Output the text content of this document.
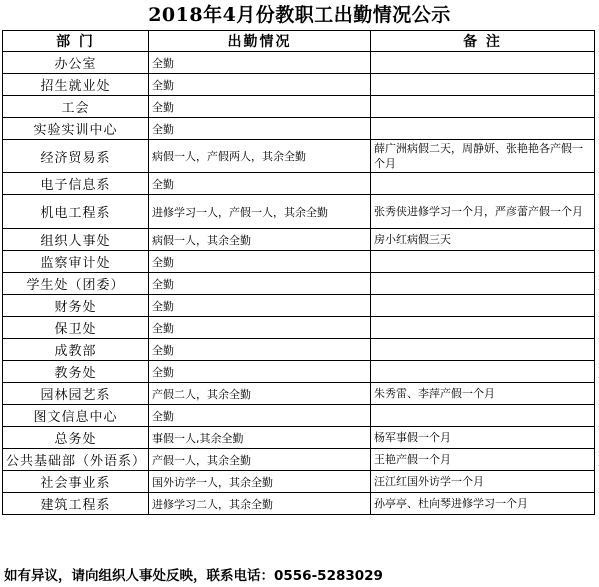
2018年4月份教职工出勤情况公示
部 门	出勤情况	备 注
办公室	全勤	
招生就业处	全勤	
工会	全勤	
实验实训中心	全勤	
经济贸易系	病假一人，产假两人，其余全勤	薛广洲病假二天，周静妍、张艳艳各产假一个月
电子信息系	全勤	
机电工程系	进修学习一人，产假一人，其余全勤	张秀侠进修学习一个月，严彦蕾产假一个月
组织人事处	病假一人，其余全勤	房小红病假三天
监察审计处	全勤	
学生处（团委）	全勤	
财务处	全勤	
保卫处	全勤	
成教部	全勤	
教务处	全勤	
园林园艺系	产假二人，其余全勤	朱秀雷、李萍产假一个月
图文信息中心	全勤	
总务处	事假一人,其余全勤	杨军事假一个月
公共基础部（外语系）	产假一人，其余全勤	王艳产假一个月
社会事业系	国外访学一人，其余全勤	汪江红国外访学一个月
建筑工程系	进修学习二人，其余全勤	孙亭亭、杜向琴进修学习一个月
如有异议，请向组织人事处反映，联系电话：0556-5283029
